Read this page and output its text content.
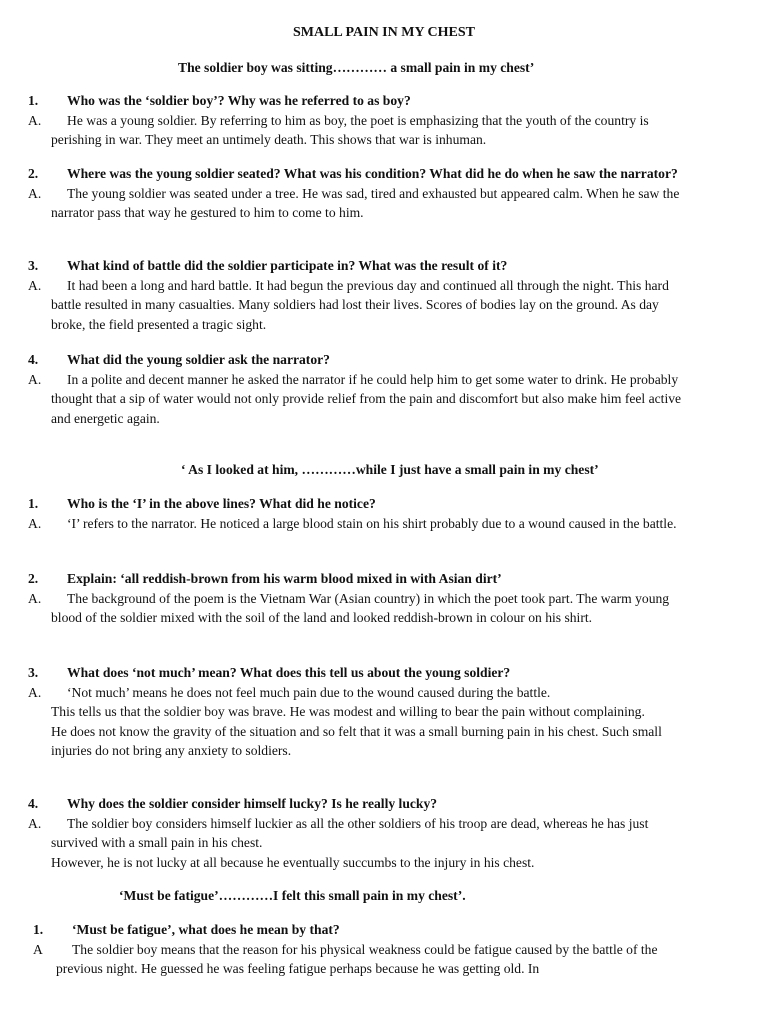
SMALL PAIN IN MY CHEST
The soldier boy was sitting………… a small pain in my chest’
1.	Who was the ‘soldier boy’? Why was he referred to as boy?
A.	He was a young soldier. By referring to him as boy, the poet is emphasizing that the youth of the country is perishing in war. They meet an untimely death. This shows that war is inhuman.

2.	Where was the young soldier seated? What was his condition? What did he do when he saw the narrator?
A.	The young soldier was seated under a tree. He was sad, tired and exhausted but appeared calm. When he saw the narrator pass that way he gestured to him to come to him.

3.	What kind of battle did the soldier participate in? What was the result of it?
A.	It had been a long and hard battle. It had begun the previous day and continued all through the night. This hard battle resulted in many casualties. Many soldiers had lost their lives. Scores of bodies lay on the ground. As day broke, the field presented a tragic sight.

4.	What did the young soldier ask the narrator?
A.	In a polite and decent manner he asked the narrator if he could help him to get some water to drink. He probably thought that a sip of water would not only provide relief from the pain and discomfort but also make him feel active and energetic again.

‘ As I looked at him, …………while I just have a small pain in my chest’
1.	Who is the ‘I’ in the above lines? What did he notice?
A.	‘I’ refers to the narrator. He noticed a large blood stain on his shirt probably due to a wound caused in the battle.

2.	Explain: ‘all reddish-brown from his warm blood mixed in with Asian dirt’
A.	The background of the poem is the Vietnam War (Asian country) in which the poet took part. The warm young blood of the soldier mixed with the soil of the land and looked reddish-brown in colour on his shirt.

3.	What does ‘not much’ mean? What does this tell us about the young soldier?
A.	‘Not much’ means he does not feel much pain due to the wound caused during the battle.

This tells us that the soldier boy was brave. He was modest and willing to bear the pain without complaining.

He does not know the gravity of the situation and so felt that it was a small burning pain in his chest. Such small injuries do not bring any anxiety to soldiers.

4.	Why does the soldier consider himself lucky? Is he really lucky?
A.	The soldier boy considers himself luckier as all the other soldiers of his troop are dead, whereas he has just survived with a small pain in his chest.

However, he is not lucky at all because he eventually succumbs to the injury in his chest.

‘Must be fatigue’…………I felt this small pain in my chest’.
1.	‘Must be fatigue’, what does he mean by that?
A	The soldier boy means that the reason for his physical weakness could be fatigue caused by the battle of the previous night. He guessed he was feeling fatigue perhaps because he was getting old. In
